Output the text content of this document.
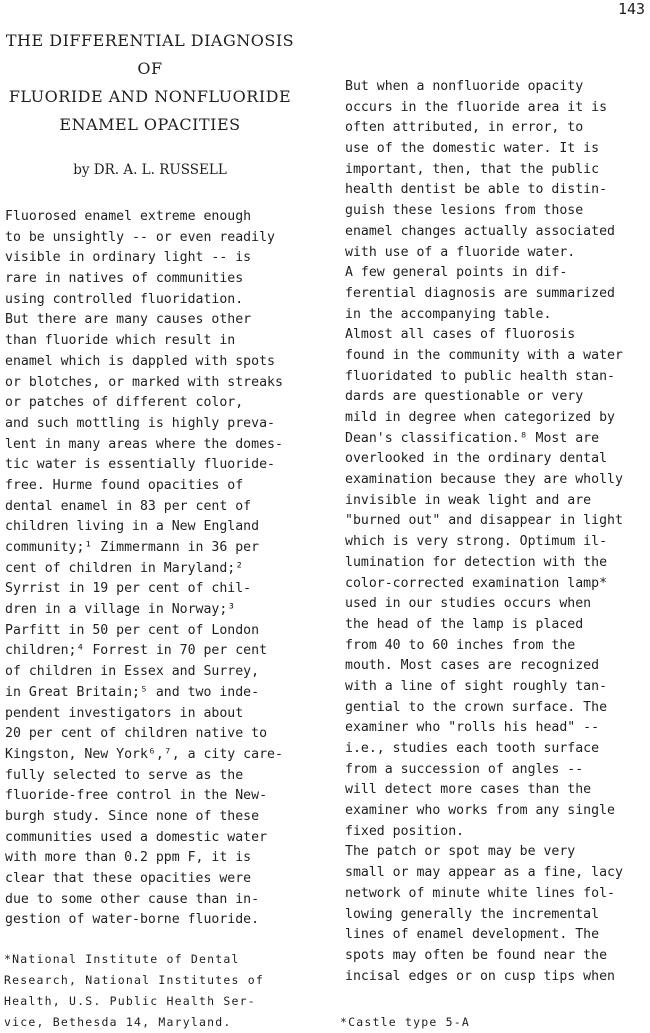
143
THE DIFFERENTIAL DIAGNOSIS
OF
FLUORIDE AND NONFLUORIDE
ENAMEL OPACITIES
by DR. A. L. RUSSELL
Fluorosed enamel extreme enough
to be unsightly -- or even readily
visible in ordinary light -- is
rare in natives of communities
using controlled fluoridation.
But there are many causes other
than fluoride which result in
enamel which is dappled with spots
or blotches, or marked with streaks
or patches of different color,
and such mottling is highly preva-
lent in many areas where the domes-
tic water is essentially fluoride-
free. Hurme found opacities of
dental enamel in 83 per cent of
children living in a New England
community;¹ Zimmermann in 36 per
cent of children in Maryland;²
Syrrist in 19 per cent of chil-
dren in a village in Norway;³
Parfitt in 50 per cent of London
children;⁴ Forrest in 70 per cent
of children in Essex and Surrey,
in Great Britain;⁵ and two inde-
pendent investigators in about
20 per cent of children native to
Kingston, New York⁶,⁷, a city care-
fully selected to serve as the
fluoride-free control in the New-
burgh study. Since none of these
communities used a domestic water
with more than 0.2 ppm F, it is
clear that these opacities were
due to some other cause than in-
gestion of water-borne fluoride.
But when a nonfluoride opacity
occurs in the fluoride area it is
often attributed, in error, to
use of the domestic water. It is
important, then, that the public
health dentist be able to distin-
guish these lesions from those
enamel changes actually associated
with use of a fluoride water.
A few general points in dif-
ferential diagnosis are summarized
in the accompanying table.
Almost all cases of fluorosis
found in the community with a water
fluoridated to public health stan-
dards are questionable or very
mild in degree when categorized by
Dean's classification.⁸ Most are
overlooked in the ordinary dental
examination because they are wholly
invisible in weak light and are
"burned out" and disappear in light
which is very strong. Optimum il-
lumination for detection with the
color-corrected examination lamp*
used in our studies occurs when
the head of the lamp is placed
from 40 to 60 inches from the
mouth. Most cases are recognized
with a line of sight roughly tan-
gential to the crown surface. The
examiner who "rolls his head" --
i.e., studies each tooth surface
from a succession of angles --
will detect more cases than the
examiner who works from any single
fixed position.
The patch or spot may be very
small or may appear as a fine, lacy
network of minute white lines fol-
lowing generally the incremental
lines of enamel development. The
spots may often be found near the
incisal edges or on cusp tips when
*National Institute of Dental
Research, National Institutes of
Health, U.S. Public Health Ser-
vice, Bethesda 14, Maryland.	*Castle type 5-A
